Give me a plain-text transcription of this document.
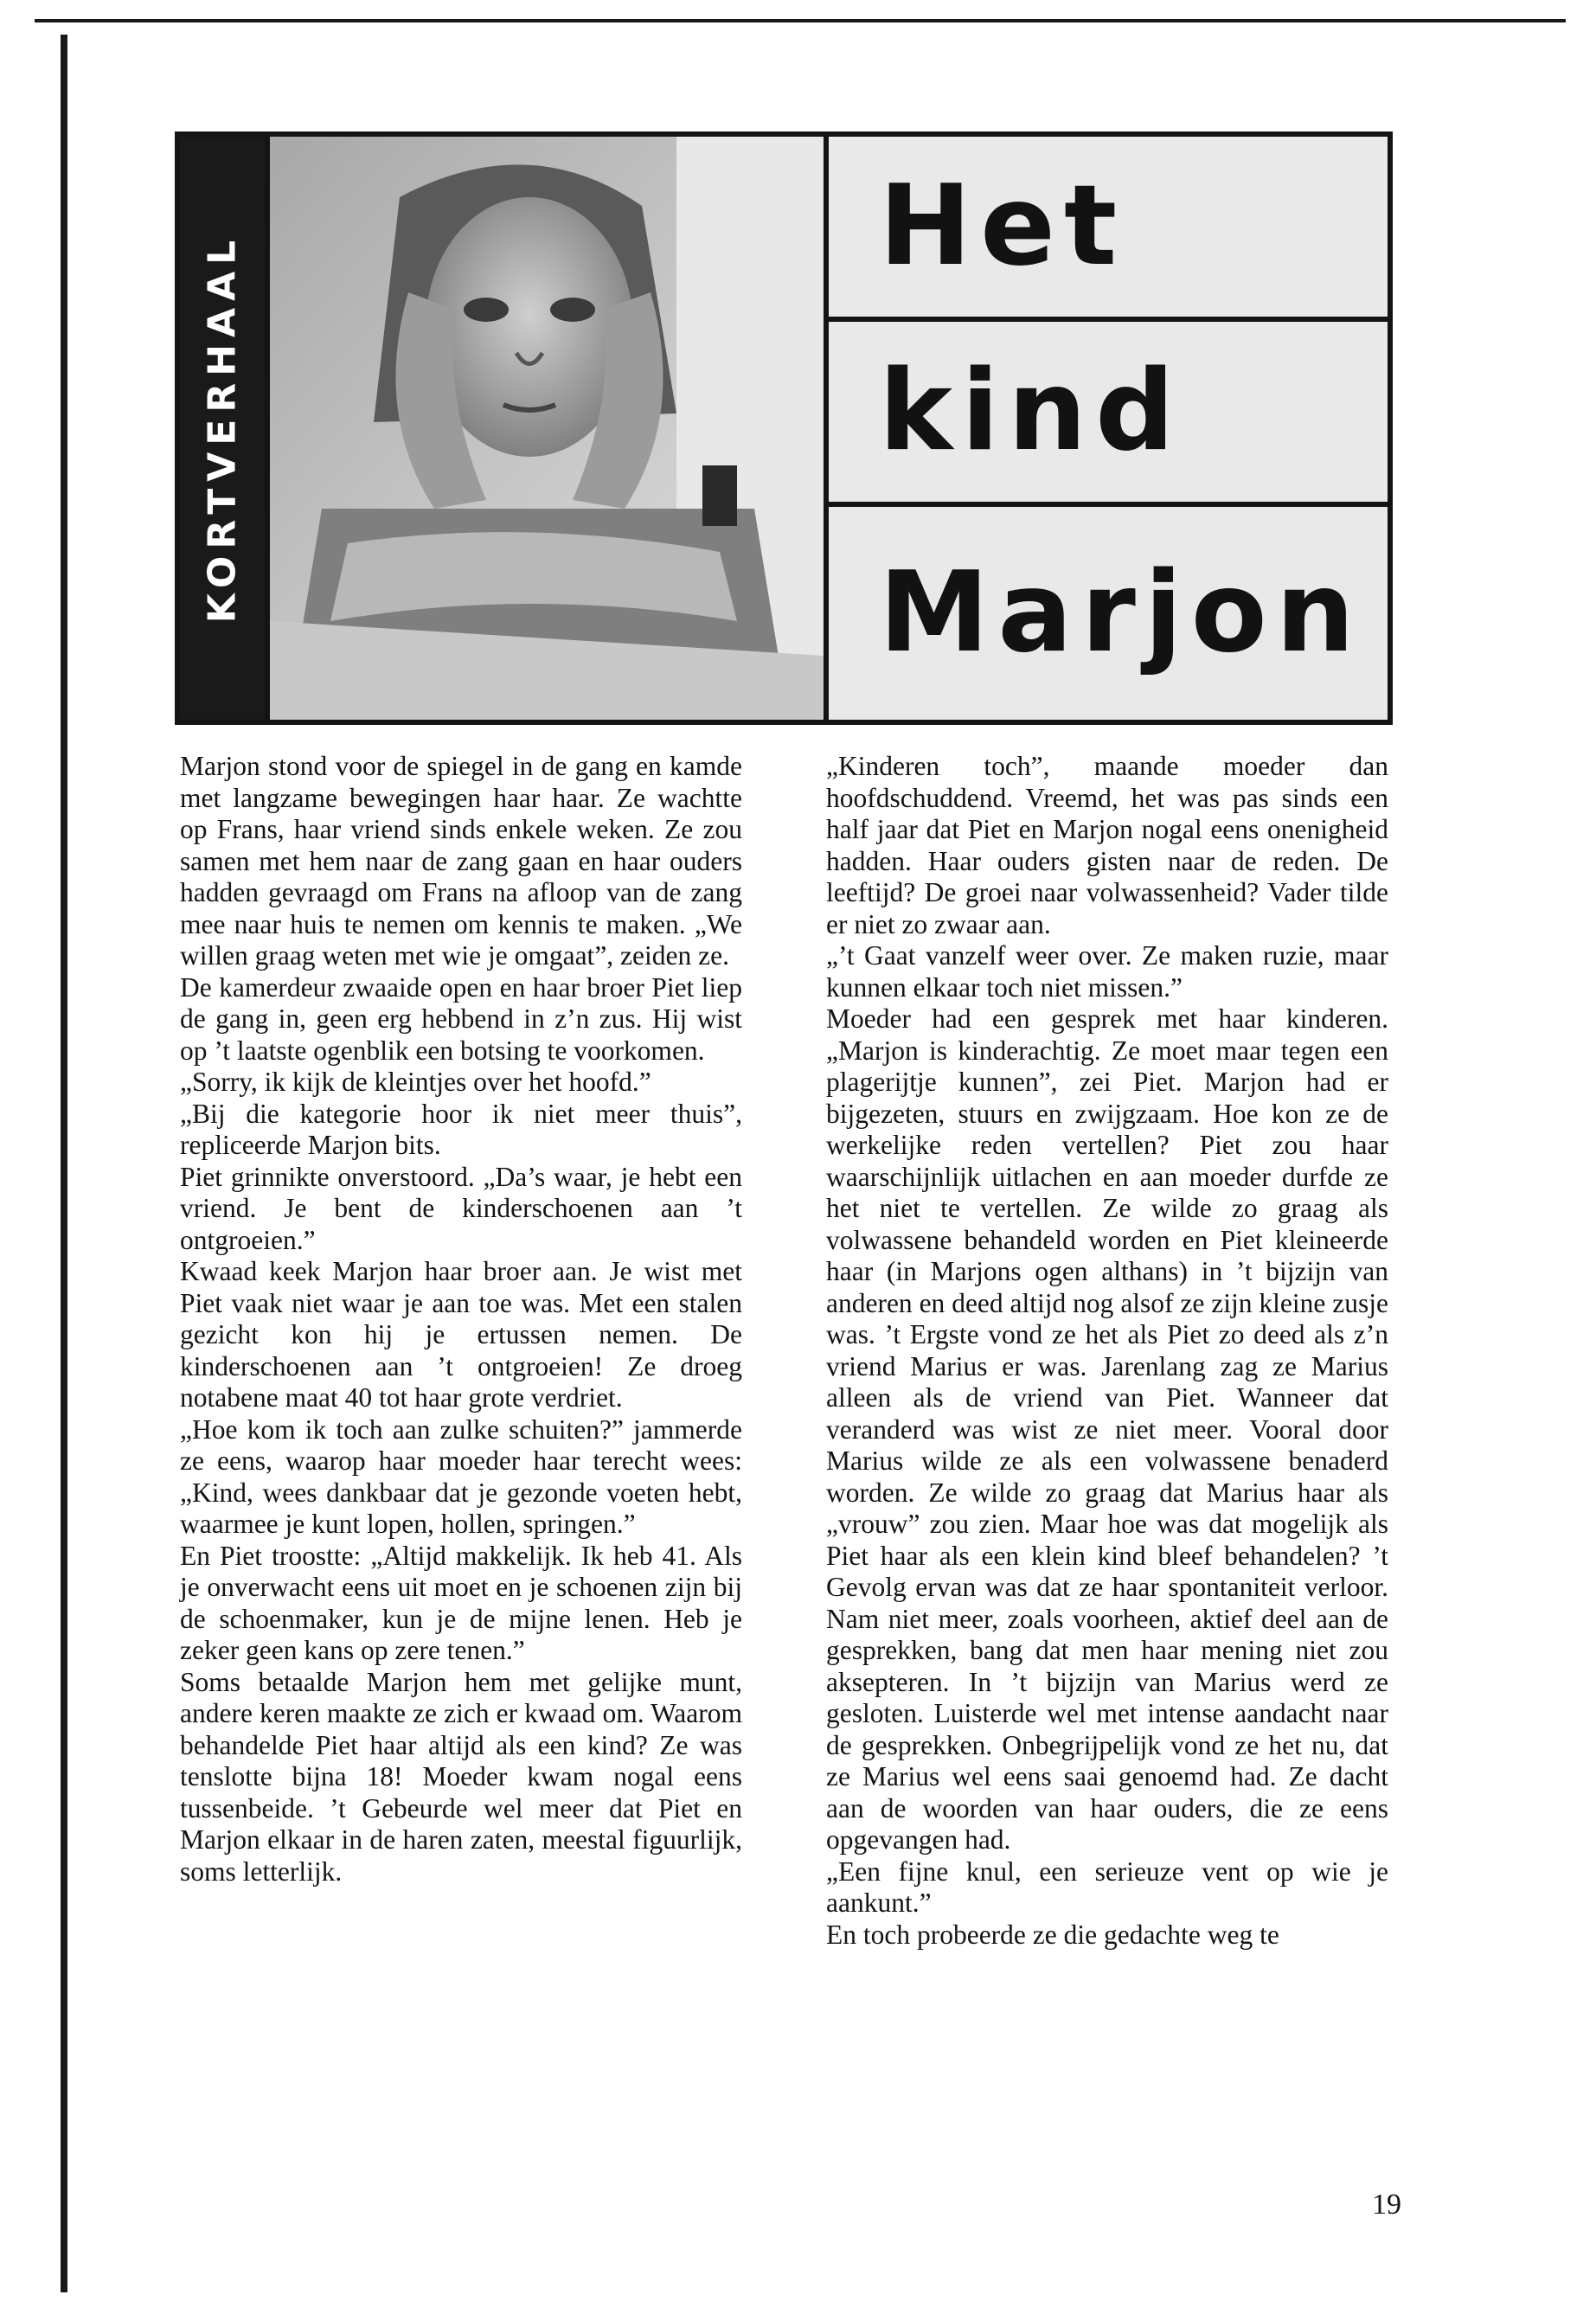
KORTVERHAAL
Het
kind
Marjon

Marjon stond voor de spiegel in de gang en kamde met langzame bewegingen haar haar. Ze wachtte op Frans, haar vriend sinds enkele weken. Ze zou samen met hem naar de zang gaan en haar ouders hadden gevraagd om Frans na afloop van de zang mee naar huis te nemen om kennis te maken. „We willen graag weten met wie je omgaat”, zeiden ze.

De kamerdeur zwaaide open en haar broer Piet liep de gang in, geen erg hebbend in z’n zus. Hij wist op ’t laatste ogenblik een botsing te voorkomen.

„Sorry, ik kijk de kleintjes over het hoofd.”

„Bij die kategorie hoor ik niet meer thuis”, repliceerde Marjon bits.

Piet grinnikte onverstoord. „Da’s waar, je hebt een vriend. Je bent de kinderschoenen aan ’t ontgroeien.”

Kwaad keek Marjon haar broer aan. Je wist met Piet vaak niet waar je aan toe was. Met een stalen gezicht kon hij je ertussen nemen. De kinderschoenen aan ’t ontgroeien! Ze droeg notabene maat 40 tot haar grote verdriet.

„Hoe kom ik toch aan zulke schuiten?” jammerde ze eens, waarop haar moeder haar terecht wees: „Kind, wees dankbaar dat je gezonde voeten hebt, waarmee je kunt lopen, hollen, springen.”

En Piet troostte: „Altijd makkelijk. Ik heb 41. Als je onverwacht eens uit moet en je schoenen zijn bij de schoenmaker, kun je de mijne lenen. Heb je zeker geen kans op zere tenen.”

Soms betaalde Marjon hem met gelijke munt, andere keren maakte ze zich er kwaad om. Waarom behandelde Piet haar altijd als een kind? Ze was tenslotte bijna 18! Moeder kwam nogal eens tussenbeide. ’t Gebeurde wel meer dat Piet en Marjon elkaar in de haren zaten, meestal figuurlijk, soms letterlijk.

„Kinderen toch”, maande moeder dan hoofdschuddend. Vreemd, het was pas sinds een half jaar dat Piet en Marjon nogal eens onenigheid hadden. Haar ouders gisten naar de reden. De leeftijd? De groei naar volwassenheid? Vader tilde er niet zo zwaar aan.

„’t Gaat vanzelf weer over. Ze maken ruzie, maar kunnen elkaar toch niet missen.”

Moeder had een gesprek met haar kinderen. „Marjon is kinderachtig. Ze moet maar tegen een plagerijtje kunnen”, zei Piet. Marjon had er bijgezeten, stuurs en zwijgzaam. Hoe kon ze de werkelijke reden vertellen? Piet zou haar waarschijnlijk uitlachen en aan moeder durfde ze het niet te vertellen. Ze wilde zo graag als volwassene behandeld worden en Piet kleineerde haar (in Marjons ogen althans) in ’t bijzijn van anderen en deed altijd nog alsof ze zijn kleine zusje was. ’t Ergste vond ze het als Piet zo deed als z’n vriend Marius er was. Jarenlang zag ze Marius alleen als de vriend van Piet. Wanneer dat veranderd was wist ze niet meer. Vooral door Marius wilde ze als een volwassene benaderd worden. Ze wilde zo graag dat Marius haar als „vrouw” zou zien. Maar hoe was dat mogelijk als Piet haar als een klein kind bleef behandelen? ’t Gevolg ervan was dat ze haar spontaniteit verloor. Nam niet meer, zoals voorheen, aktief deel aan de gesprekken, bang dat men haar mening niet zou aksepteren. In ’t bijzijn van Marius werd ze gesloten. Luisterde wel met intense aandacht naar de gesprekken. Onbegrijpelijk vond ze het nu, dat ze Marius wel eens saai genoemd had. Ze dacht aan de woorden van haar ouders, die ze eens opgevangen had.

„Een fijne knul, een serieuze vent op wie je aankunt.”

En toch probeerde ze die gedachte weg te

19
